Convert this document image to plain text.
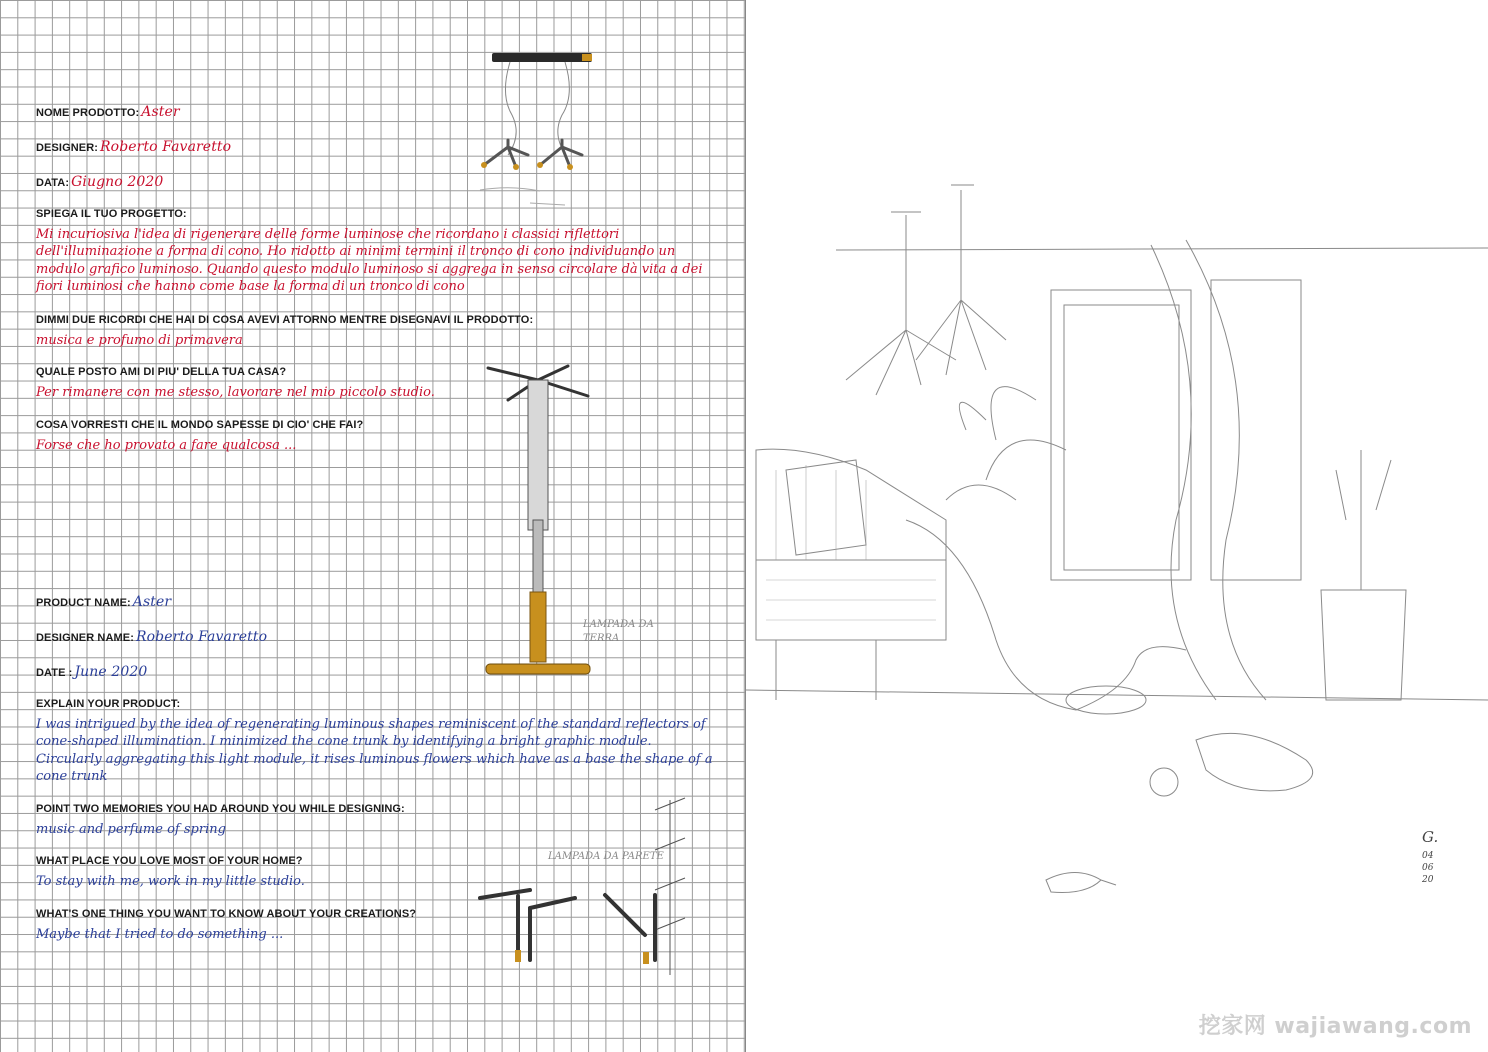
NOME PRODOTTO: Aster
DESIGNER: Roberto Favaretto
DATA: Giugno 2020
SPIEGA IL TUO PROGETTO:
Mi incuriosiva l'idea di rigenerare delle forme luminose che ricordano i classici riflettori dell'illuminazione a forma di cono. Ho ridotto ai minimi termini il tronco di cono individuando un modulo grafico luminoso. Quando questo modulo luminoso si aggrega in senso circolare dà vita a dei fiori luminosi che hanno come base la forma di un tronco di cono
DIMMI DUE RICORDI CHE HAI DI COSA AVEVI ATTORNO MENTRE DISEGNAVI IL PRODOTTO:
musica e profumo di primavera
QUALE POSTO AMI DI PIU' DELLA TUA CASA?
Per rimanere con me stesso, lavorare nel mio piccolo studio.
COSA VORRESTI CHE IL MONDO SAPESSE DI CIO' CHE FAI?
Forse che ho provato a fare qualcosa ...
PRODUCT NAME: Aster
DESIGNER NAME: Roberto Favaretto
DATE : June 2020
EXPLAIN YOUR PRODUCT:
I was intrigued by the idea of regenerating luminous shapes reminiscent of the standard reflectors of cone-shaped illumination. I minimized the cone trunk by identifying a bright graphic module. Circularly aggregating this light module, it rises luminous flowers which have as a base the shape of a cone trunk
POINT TWO MEMORIES YOU HAD AROUND YOU WHILE DESIGNING:
music and perfume of spring
WHAT PLACE YOU LOVE MOST OF YOUR HOME?
To stay with me, work in my little studio.
WHAT'S ONE THING YOU WANT TO KNOW ABOUT YOUR CREATIONS?
Maybe that I tried to do something ...
LAMPADA DA TERRA
LAMPADA DA PARETE
G.
04 06 20
挖家网 wajiawang.com
